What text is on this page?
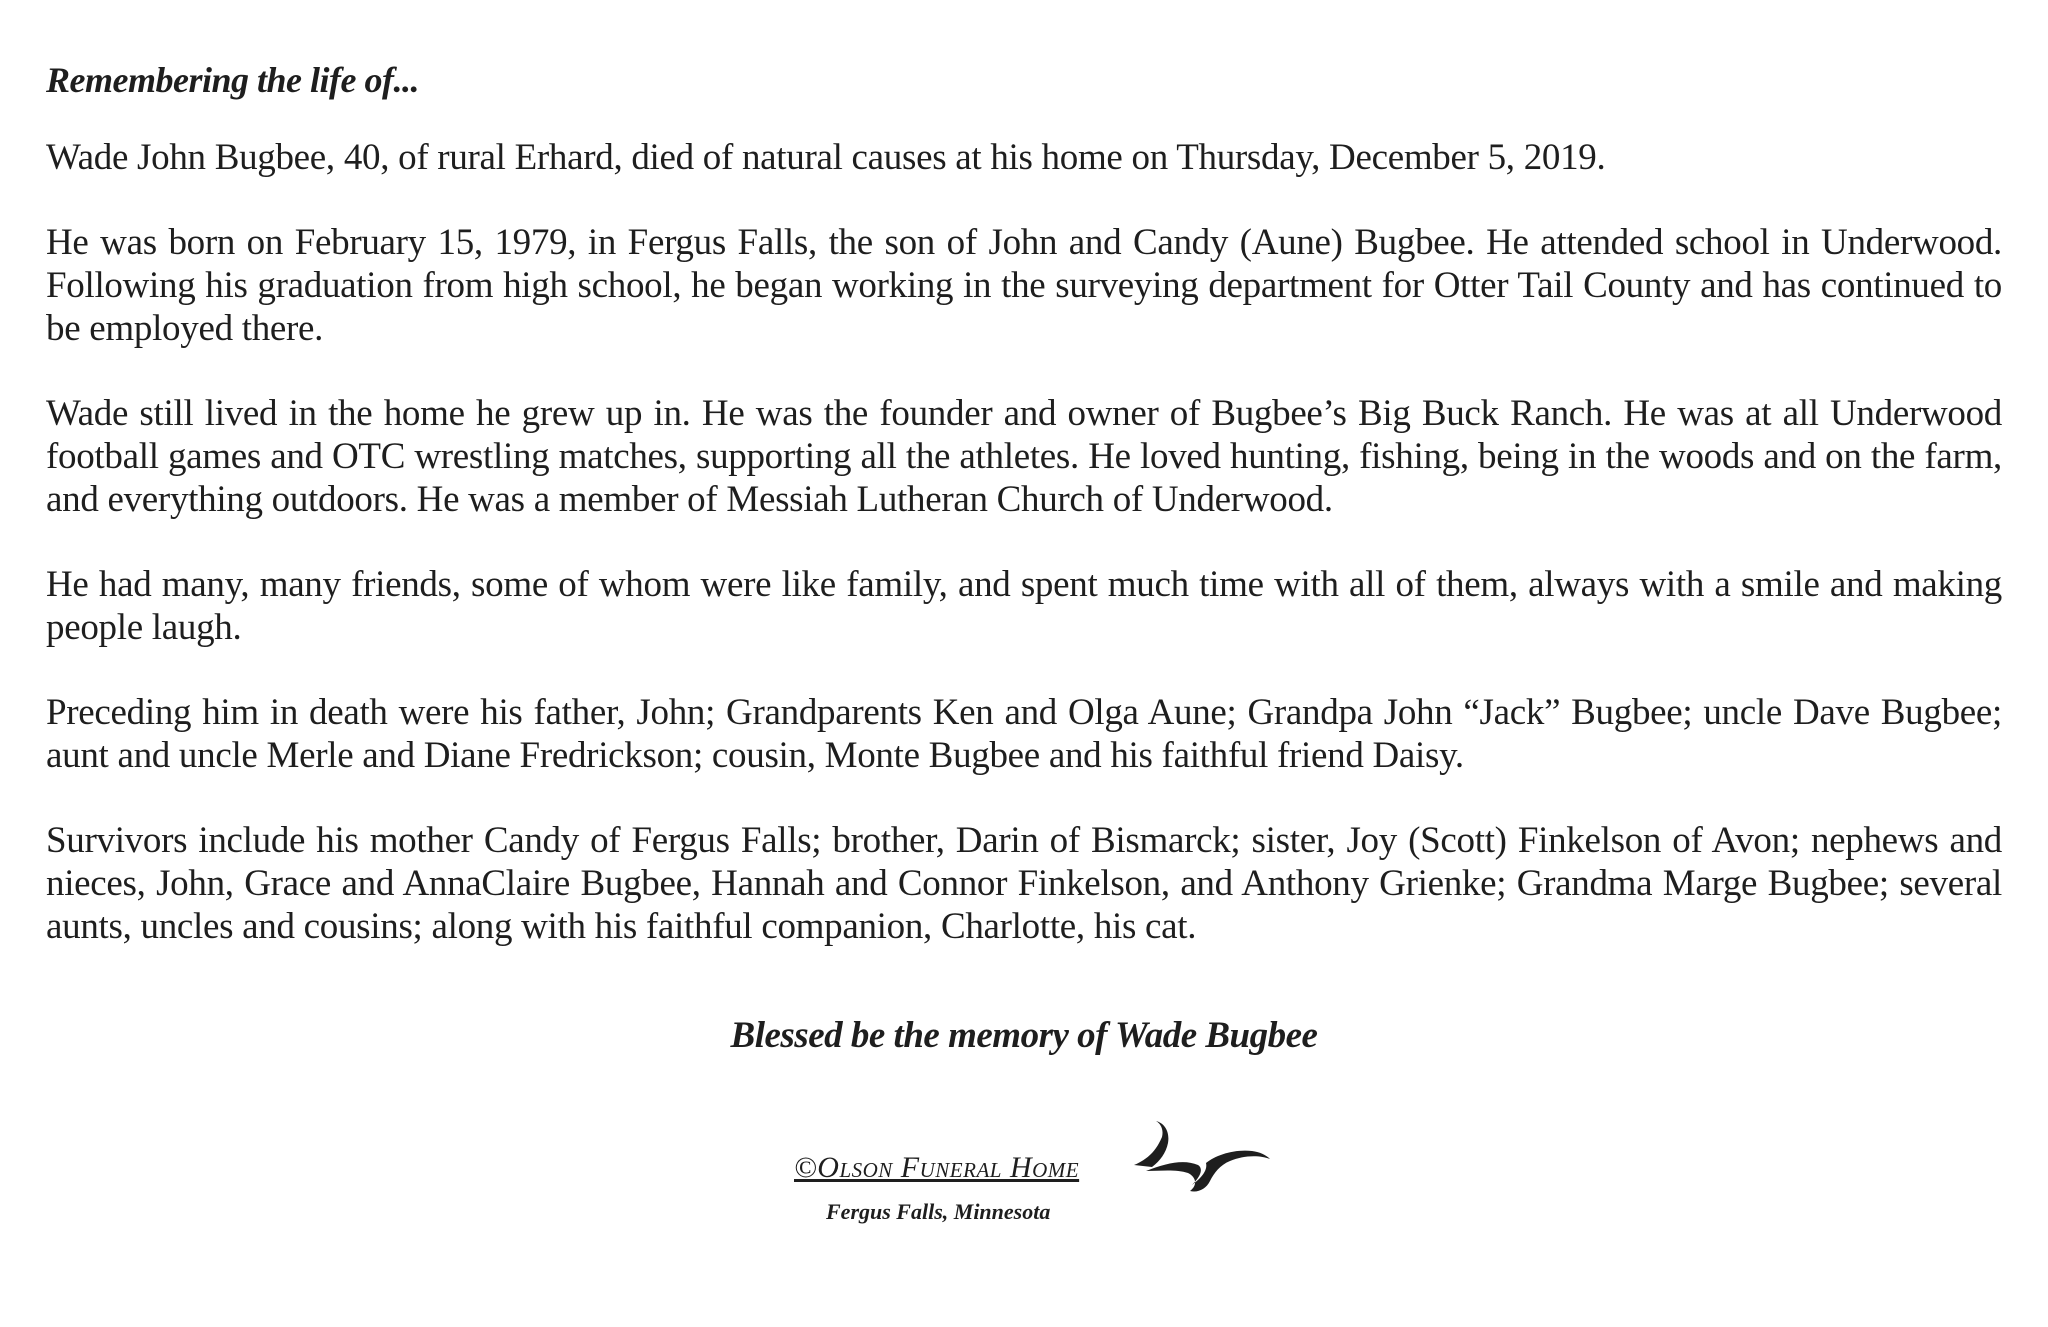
Remembering the life of...

Wade John Bugbee, 40, of rural Erhard, died of natural causes at his home on Thursday, December 5, 2019.

He was born on February 15, 1979, in Fergus Falls, the son of John and Candy (Aune) Bugbee. He attended school in Underwood. Following his graduation from high school, he began working in the surveying department for Otter Tail County and has continued to be employed there.

Wade still lived in the home he grew up in. He was the founder and owner of Bugbee’s Big Buck Ranch. He was at all Underwood football games and OTC wrestling matches, supporting all the athletes. He loved hunting, fishing, being in the woods and on the farm, and everything outdoors. He was a member of Messiah Lutheran Church of Underwood.

He had many, many friends, some of whom were like family, and spent much time with all of them, always with a smile and making people laugh.

Preceding him in death were his father, John; Grandparents Ken and Olga Aune; Grandpa John “Jack” Bugbee; uncle Dave Bugbee; aunt and uncle Merle and Diane Fredrickson; cousin, Monte Bugbee and his faithful friend Daisy.

Survivors include his mother Candy of Fergus Falls; brother, Darin of Bismarck; sister, Joy (Scott) Finkelson of Avon; nephews and nieces, John, Grace and AnnaClaire Bugbee, Hannah and Connor Finkelson, and Anthony Grienke; Grandma Marge Bugbee; several aunts, uncles and cousins; along with his faithful companion, Charlotte, his cat.

Blessed be the memory of Wade Bugbee
©Olson Funeral Home
Fergus Falls, Minnesota
